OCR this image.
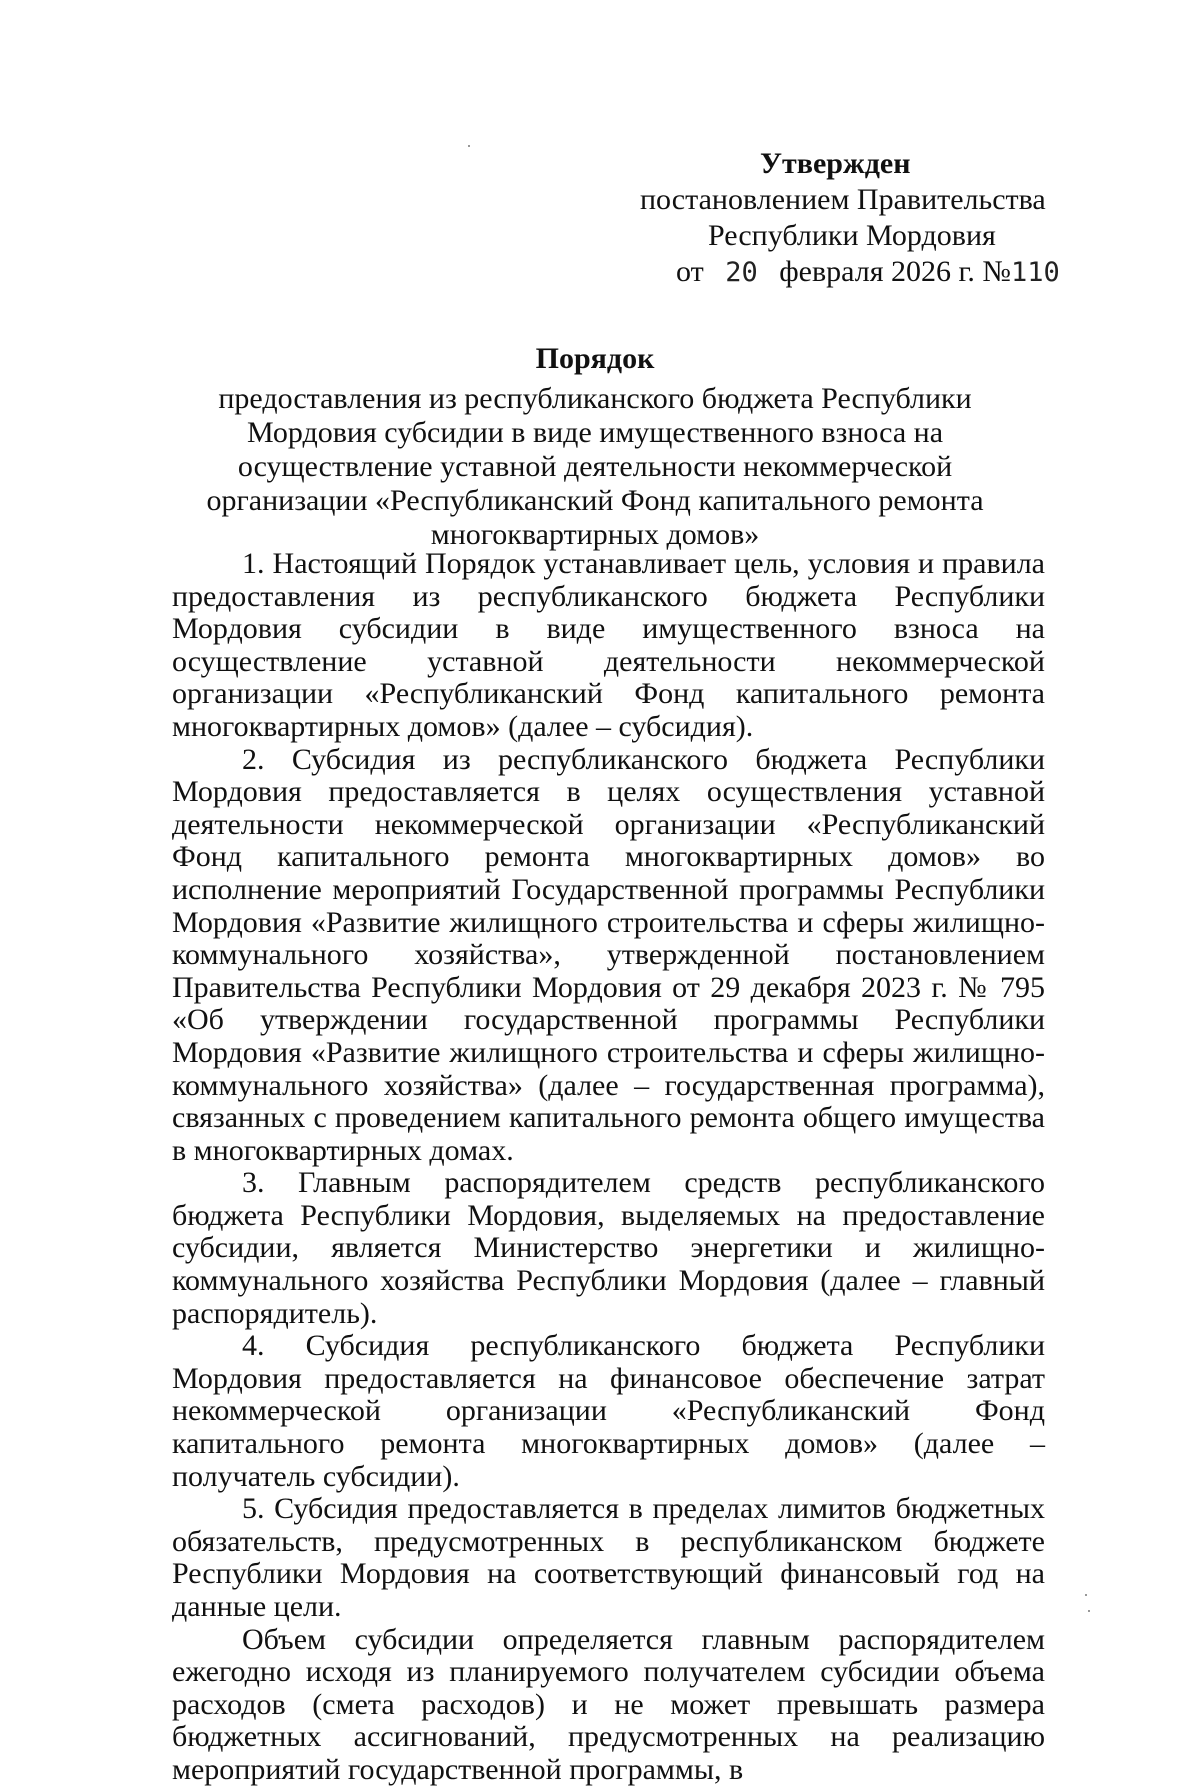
Утвержден
постановлением Правительства
Республики Мордовия
от 20 февраля 2026 г. №110
Порядок
предоставления из республиканского бюджета Республики Мордовия субсидии в виде имущественного взноса на осуществление уставной деятельности некоммерческой организации «Республиканский Фонд капитального ремонта многоквартирных домов»

1. Настоящий Порядок устанавливает цель, условия и правила предоставления из республиканского бюджета Республики Мордовия субсидии в виде имущественного взноса на осуществление уставной деятельности некоммерческой организации «Республиканский Фонд капитального ремонта многоквартирных домов» (далее – субсидия).

2. Субсидия из республиканского бюджета Республики Мордовия предоставляется в целях осуществления уставной деятельности некоммерческой организации «Республиканский Фонд капитального ремонта многоквартирных домов» во исполнение мероприятий Государственной программы Республики Мордовия «Развитие жилищного строительства и сферы жилищно-коммунального хозяйства», утвержденной постановлением Правительства Республики Мордовия от 29 декабря 2023 г. № 795 «Об утверждении государственной программы Республики Мордовия «Развитие жилищного строительства и сферы жилищно-коммунального хозяйства» (далее – государственная программа), связанных с проведением капитального ремонта общего имущества в многоквартирных домах.

3. Главным распорядителем средств республиканского бюджета Республики Мордовия, выделяемых на предоставление субсидии, является Министерство энергетики и жилищно-коммунального хозяйства Республики Мордовия (далее – главный распорядитель).

4. Субсидия республиканского бюджета Республики Мордовия предоставляется на финансовое обеспечение затрат некоммерческой организации «Республиканский Фонд капитального ремонта многоквартирных домов» (далее – получатель субсидии).

5. Субсидия предоставляется в пределах лимитов бюджетных обязательств, предусмотренных в республиканском бюджете Республики Мордовия на соответствующий финансовый год на данные цели.

Объем субсидии определяется главным распорядителем ежегодно исходя из планируемого получателем субсидии объема расходов (смета расходов) и не может превышать размера бюджетных ассигнований, предусмотренных на реализацию мероприятий государственной программы, в
